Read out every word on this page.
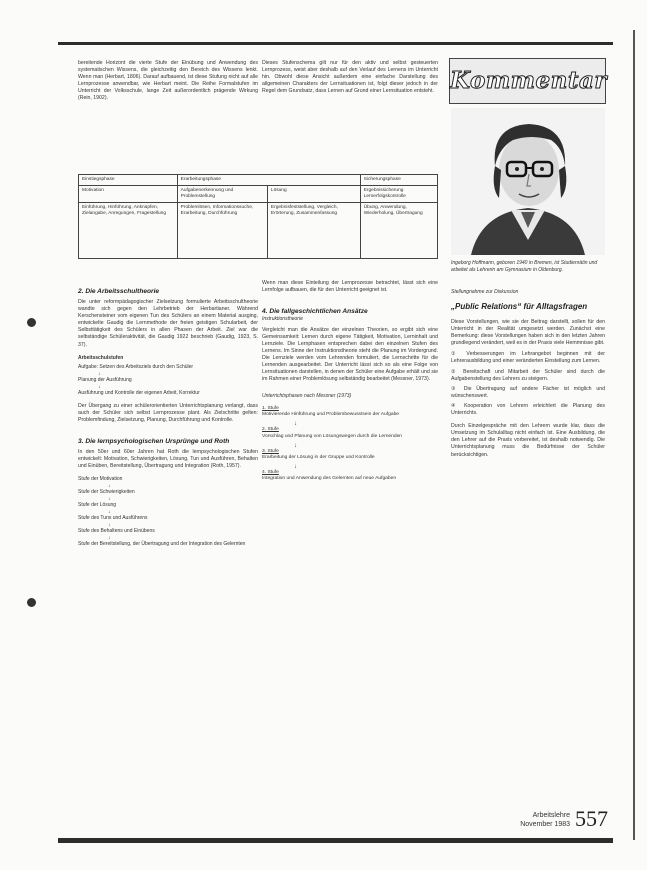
bereitende Horizont die vierte Stufe der Einübung und Anwendung des systematischen Wissens, die gleichzeitig den Bereich des Wissens lenkt. Wenn man (Herbart, 1806). Darauf aufbauend, ist diese Stufung nicht auf alle Lernprozesse anwendbar, wie Herbart meint. Die Reihe Formalstufen im Unterricht der Volksschule, lange Zeit außerordentlich prägende Wirkung (Rein, 1902).
Dieses Stufenschema gilt nur für den aktiv und selbst gesteuerten Lernprozess, weist aber deshalb auf den Verlauf des Lernens im Unterricht hin. Obwohl diese Ansicht außerdem eine einfache Darstellung des allgemeinen Charakters der Lernsituationen ist, folgt dieser jedoch in der Regel dem Grundsatz, dass Lernen auf Grund einer Lernsituation entsteht.
Einstiegsphase	Erarbeitungsphase		Sicherungsphase
Motivation	Aufgabenerkennung und Problemstellung	Lösung	Ergebnissicherung Lernerfolgskontrolle
Einführung, Hinführung, Anknüpfen, Zielangabe, Anregungen, Fragestellung	Problemlösen, Informationssuche, Erarbeitung, Durchführung	Ergebnisfeststellung, Vergleich, Erörterung, Zusammenfassung	Übung, Anwendung, Wiederholung, Übertragung
2. Die Arbeitsschultheorie
Die unter reformpädagogischer Zielsetzung formulierte Arbeitsschultheorie wandte sich gegen den Lehrbetrieb der Herbartianer. Während Kerschensteiner vom eigenen Tun des Schülers an einem Material ausging, entwickelte Gaudig die Lernmethode der freien geistigen Schularbeit, der Selbsttätigkeit des Schülers in allen Phasen der Arbeit. Ziel war die selbständige Schüleraktivität, die Gaudig 1922 beschrieb (Gaudig, 1923, S. 37).
Arbeitsschulstufen
Aufgabe: Setzen des Arbeitsziels durch den Schüler
↓
Planung der Ausführung
↓
Ausführung und Kontrolle der eigenen Arbeit, Korrektur
Der Übergang zu einer schülerorientierten Unterrichtsplanung verlangt, dass auch der Schüler sich selbst Lernprozesse plant. Als Zielschritte gelten: Problemfindung, Zielsetzung, Planung, Durchführung und Kontrolle.
3. Die lernpsychologischen Ursprünge und Roth
In den 50er und 60er Jahren hat Roth die lernpsychologischen Stufen entwickelt: Motivation, Schwierigkeiten, Lösung, Tun und Ausführen, Behalten und Einüben, Bereitstellung, Übertragung und Integration (Roth, 1957).
Stufe der Motivation
↓
Stufe der Schwierigkeiten
↓
Stufe der Lösung
↓
Stufe des Tuns und Ausführens
↓
Stufe des Behaltens und Einübens
↓
Stufe der Bereitstellung, der Übertragung und der Integration des Gelernten
Wenn man diese Einteilung der Lernprozesse betrachtet, lässt sich eine Lernfolge aufbauen, die für den Unterricht geeignet ist.
4. Die fallgeschichtlichen Ansätze
Instruktionstheorie
Vergleicht man die Ansätze der einzelnen Theorien, so ergibt sich eine Gemeinsamkeit: Lernen durch eigene Tätigkeit, Motivation, Lerninhalt und Lernziele. Die Lernphasen entsprechen dabei den einzelnen Stufen des Lernens. Im Sinne der Instruktionstheorie steht die Planung im Vordergrund. Die Lernziele werden vom Lehrenden formuliert, die Lernschritte für die Lernenden ausgearbeitet. Der Unterricht lässt sich so als eine Folge von Lernsituationen darstellen, in denen der Schüler eine Aufgabe erhält und sie im Rahmen einer Problemlösung selbständig bearbeitet (Messner, 1973).
Unterrichtsphasen nach Messner (1973)
1. Stufe
Motivierende Hinführung und Problembewusstsein der Aufgabe
↓
2. Stufe
Vorschlag und Planung von Lösungswegen durch die Lernenden
↓
3. Stufe
Erarbeitung der Lösung in der Gruppe und Kontrolle
↓
4. Stufe
Integration und Anwendung des Gelernten auf neue Aufgaben
Kommentar
Ingeborg Hoffmann, geboren 1940 in Bremen, ist Studienrätin und arbeitet als Lehrerin am Gymnasium in Oldenburg.
Stellungnahme zur Diskussion
„Public Relations“ für Alltagsfragen
Diese Vorstellungen, wie sie der Beitrag darstellt, sollen für den Unterricht in der Realität umgesetzt werden. Zunächst eine Bemerkung: diese Vorstellungen haben sich in den letzten Jahren grundlegend verändert, weil es in der Praxis viele Hemmnisse gibt.
① Verbesserungen im Lehrangebot beginnen mit der Lehrerausbildung und einer veränderten Einstellung zum Lernen.
② Bereitschaft und Mitarbeit der Schüler sind durch die Aufgabenstellung des Lehrers zu steigern.
③ Die Übertragung auf andere Fächer ist möglich und wünschenswert.
④ Kooperation von Lehrern erleichtert die Planung des Unterrichts.
Durch Einzelgespräche mit den Lehrern wurde klar, dass die Umsetzung im Schulalltag nicht einfach ist. Eine Ausbildung, die den Lehrer auf die Praxis vorbereitet, ist deshalb notwendig. Die Unterrichtsplanung muss die Bedürfnisse der Schüler berücksichtigen.
Arbeitslehre
November 1983 557
